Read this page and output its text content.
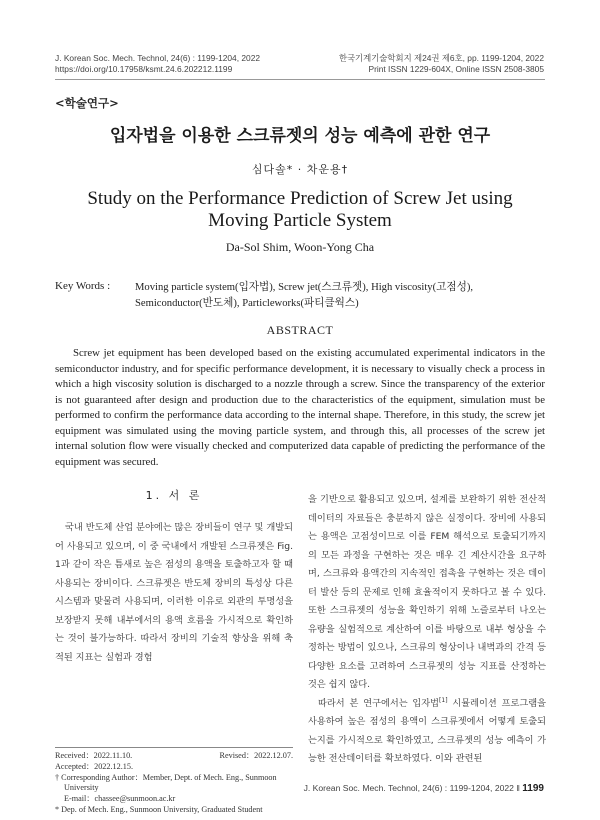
J. Korean Soc. Mech. Technol, 24(6) : 1199-1204, 2022
https://doi.org/10.17958/ksmt.24.6.202212.1199
한국기계기술학회지 제24권 제6호, pp. 1199-1204, 2022
Print ISSN 1229-604X, Online ISSN 2508-3805
<학술연구>
입자법을 이용한 스크류젯의 성능 예측에 관한 연구
심다솔* · 차운용†
Study on the Performance Prediction of Screw Jet using
Moving Particle System
Da-Sol Shim, Woon-Yong Cha
Key Words : Moving particle system(입자법), Screw jet(스크류젯), High viscosity(고점성), Semiconductor(반도체), Particleworks(파티클웍스)
ABSTRACT
Screw jet equipment has been developed based on the existing accumulated experimental indicators in the semiconductor industry, and for specific performance development, it is necessary to visually check a process in which a high viscosity solution is discharged to a nozzle through a screw. Since the transparency of the exterior is not guaranteed after design and production due to the characteristics of the equipment, simulation must be performed to confirm the performance data according to the internal shape. Therefore, in this study, the screw jet equipment was simulated using the moving particle system, and through this, all processes of the screw jet internal solution flow were visually checked and computerized data capable of predicting the performance of the equipment was secured.
1. 서 론
국내 반도체 산업 분야에는 많은 장비들이 연구 및 개발되어 사용되고 있으며, 이 중 국내에서 개발된 스크류젯은 Fig. 1과 같이 작은 틈새로 높은 점성의 용액을 토출하고자 할 때 사용되는 장비이다. 스크류젯은 반도체 장비의 특성상 다른 시스템과 맞물려 사용되며, 이러한 이유로 외관의 투명성을 보장받지 못해 내부에서의 용액 흐름을 가시적으로 확인하는 것이 불가능하다. 따라서 장비의 기술적 향상을 위해 축적된 지표는 실험과 경험
Received：2022.11.10.	Revised：2022.12.07.
Accepted：2022.12.15.
† Corresponding Author：Member, Dept. of Mech. Eng., Sunmoon
University
E-mail：chassee@sunmoon.ac.kr
* Dep. of Mech. Eng., Sunmoon University, Graduated Student

을 기반으로 활용되고 있으며, 설계를 보완하기 위한 전산적 데이터의 자료들은 충분하지 않은 실정이다. 장비에 사용되는 용액은 고점성이므로 이를 FEM 해석으로 토출되기까지의 모든 과정을 구현하는 것은 매우 긴 계산시간을 요구하며, 스크류와 용액간의 지속적인 접촉을 구현하는 것은 데이터 발산 등의 문제로 인해 효율적이지 못하다고 볼 수 있다. 또한 스크류젯의 성능을 확인하기 위해 노즐로부터 나오는 유량을 실험적으로 계산하여 이를 바탕으로 내부 형상을 수정하는 방법이 있으나, 스크류의 형상이나 내벽과의 간격 등 다양한 요소를 고려하여 스크류젯의 성능 지표를 산정하는 것은 쉽지 않다.

따라서 본 연구에서는 입자법[1] 시뮬레이션 프로그램을 사용하여 높은 점성의 용액이 스크류젯에서 어떻게 토출되는지를 가시적으로 확인하였고, 스크류젯의 성능 예측이 가능한 전산데이터를 확보하였다. 이와 관련된

J. Korean Soc. Mech. Technol, 24(6) : 1199-1204, 2022 ‖ 1199
